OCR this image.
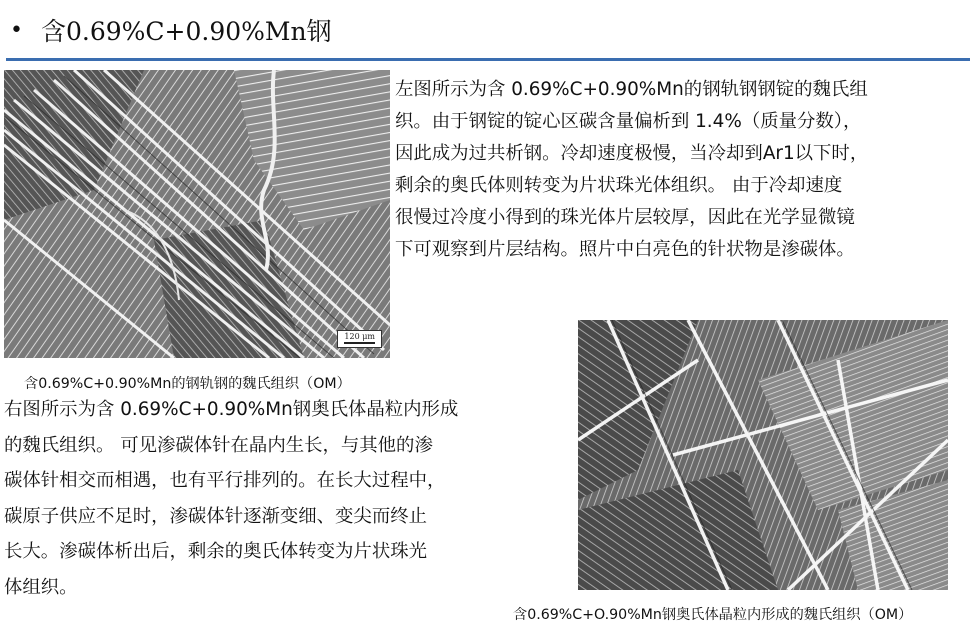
• 含0.69%C+0.90%Mn钢
120 μm
含0.69%C+0.90%Mn的钢轨钢的魏氏组织（OM）
左图所示为含 0.69%C+0.90%Mn的钢轨钢钢锭的魏氏组
织。由于钢锭的锭心区碳含量偏析到 1.4%（质量分数），
因此成为过共析钢。冷却速度极慢，当冷却到Ar1以下时，
剩余的奥氏体则转变为片状珠光体组织。 由于冷却速度
很慢过冷度小得到的珠光体片层较厚，因此在光学显微镜
下可观察到片层结构。照片中白亮色的针状物是渗碳体。
右图所示为含 0.69%C+0.90%Mn钢奥氏体晶粒内形成
的魏氏组织。 可见渗碳体针在晶内生长，与其他的渗
碳体针相交而相遇，也有平行排列的。在长大过程中，
碳原子供应不足时，渗碳体针逐渐变细、变尖而终止
长大。渗碳体析出后，剩余的奥氏体转变为片状珠光
体组织。
含0.69%C+O.90%Mn钢奥氏体晶粒内形成的魏氏组织（OM）
